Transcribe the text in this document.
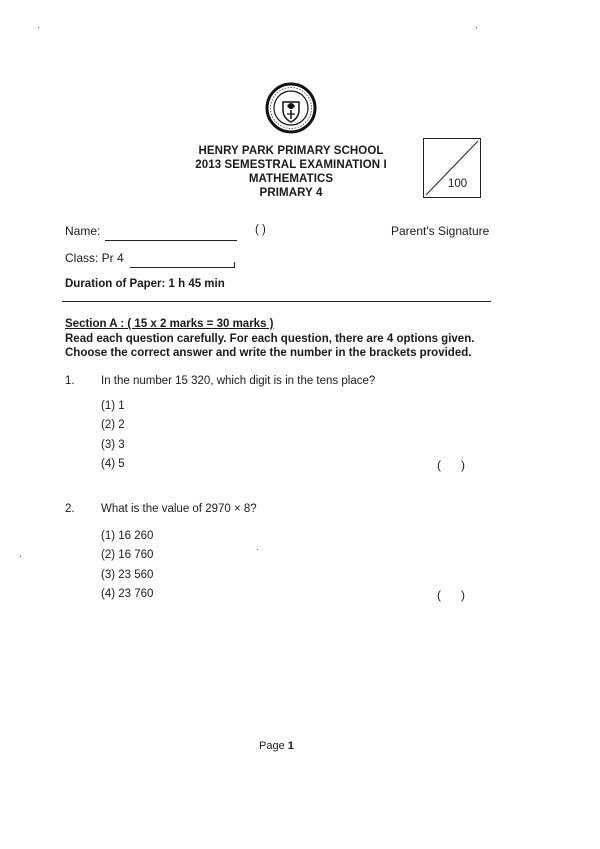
HENRY PARK PRIMARY SCHOOL
2013 SEMESTRAL EXAMINATION I
MATHEMATICS
PRIMARY 4
100
Name:	( )	Parent's Signature
Class: Pr 4
Duration of Paper: 1 h 45 min
Section A : ( 15 x 2 marks = 30 marks )
Read each question carefully. For each question, there are 4 options given.
Choose the correct answer and write the number in the brackets provided.
1. In the number 15 320, which digit is in the tens place?
(1) 1
(2) 2
(3) 3
(4) 5	(      )
2. What is the value of 2970 × 8?
(1) 16 260
(2) 16 760
(3) 23 560
(4) 23 760	(      )
Page 1
